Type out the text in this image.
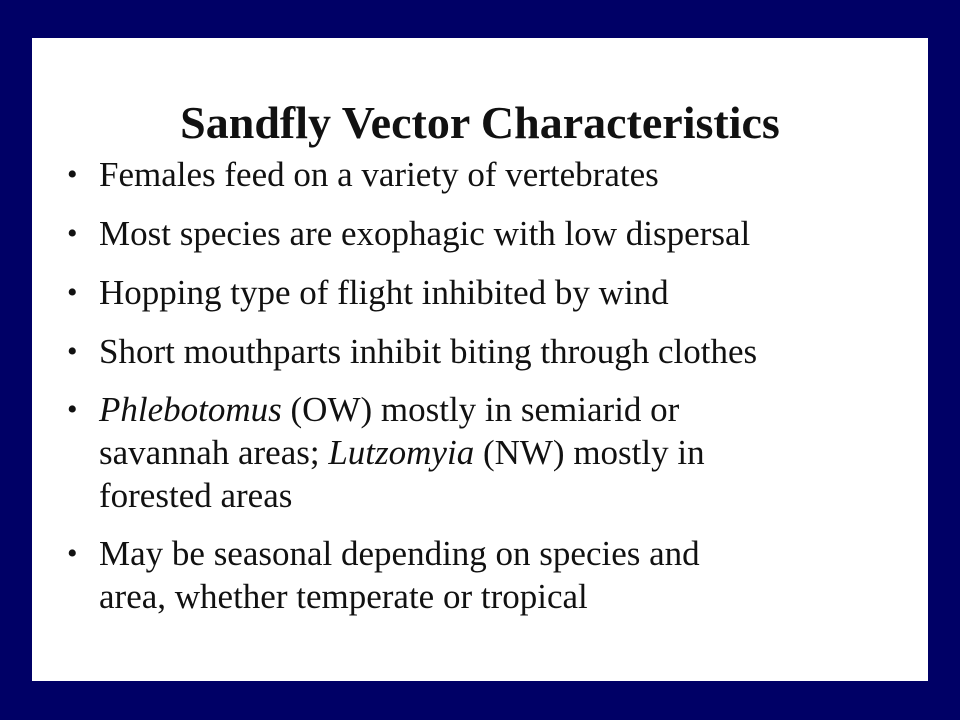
Sandfly Vector Characteristics
• Females feed on a variety of vertebrates
• Most species are exophagic with low dispersal
• Hopping type of flight inhibited by wind
• Short mouthparts inhibit biting through clothes
• Phlebotomus (OW) mostly in semiarid or
savannah areas; Lutzomyia (NW) mostly in
forested areas
• May be seasonal depending on species and
area, whether temperate or tropical
